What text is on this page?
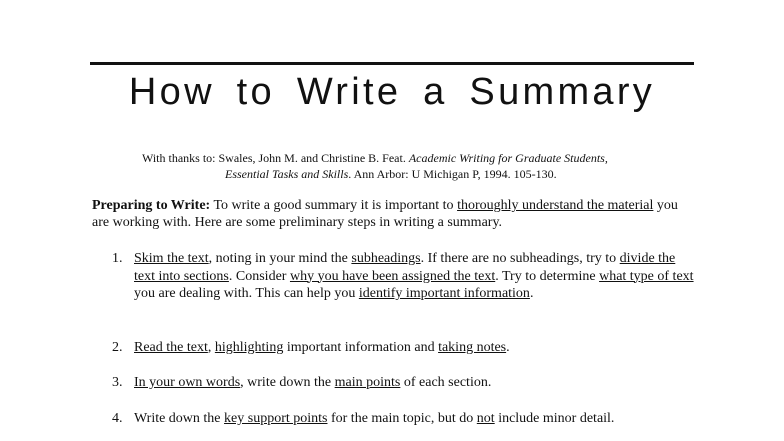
How to Write a Summary
With thanks to: Swales, John M. and Christine B. Feat. Academic Writing for Graduate Students,
Essential Tasks and Skills. Ann Arbor: U Michigan P, 1994. 105-130.

Preparing to Write: To write a good summary it is important to thoroughly understand the material you are working with. Here are some preliminary steps in writing a summary.

1. Skim the text, noting in your mind the subheadings. If there are no subheadings, try to divide the text into sections. Consider why you have been assigned the text. Try to determine what type of text you are dealing with. This can help you identify important information.
2. Read the text, highlighting important information and taking notes.
3. In your own words, write down the main points of each section.
4. Write down the key support points for the main topic, but do not include minor detail.
